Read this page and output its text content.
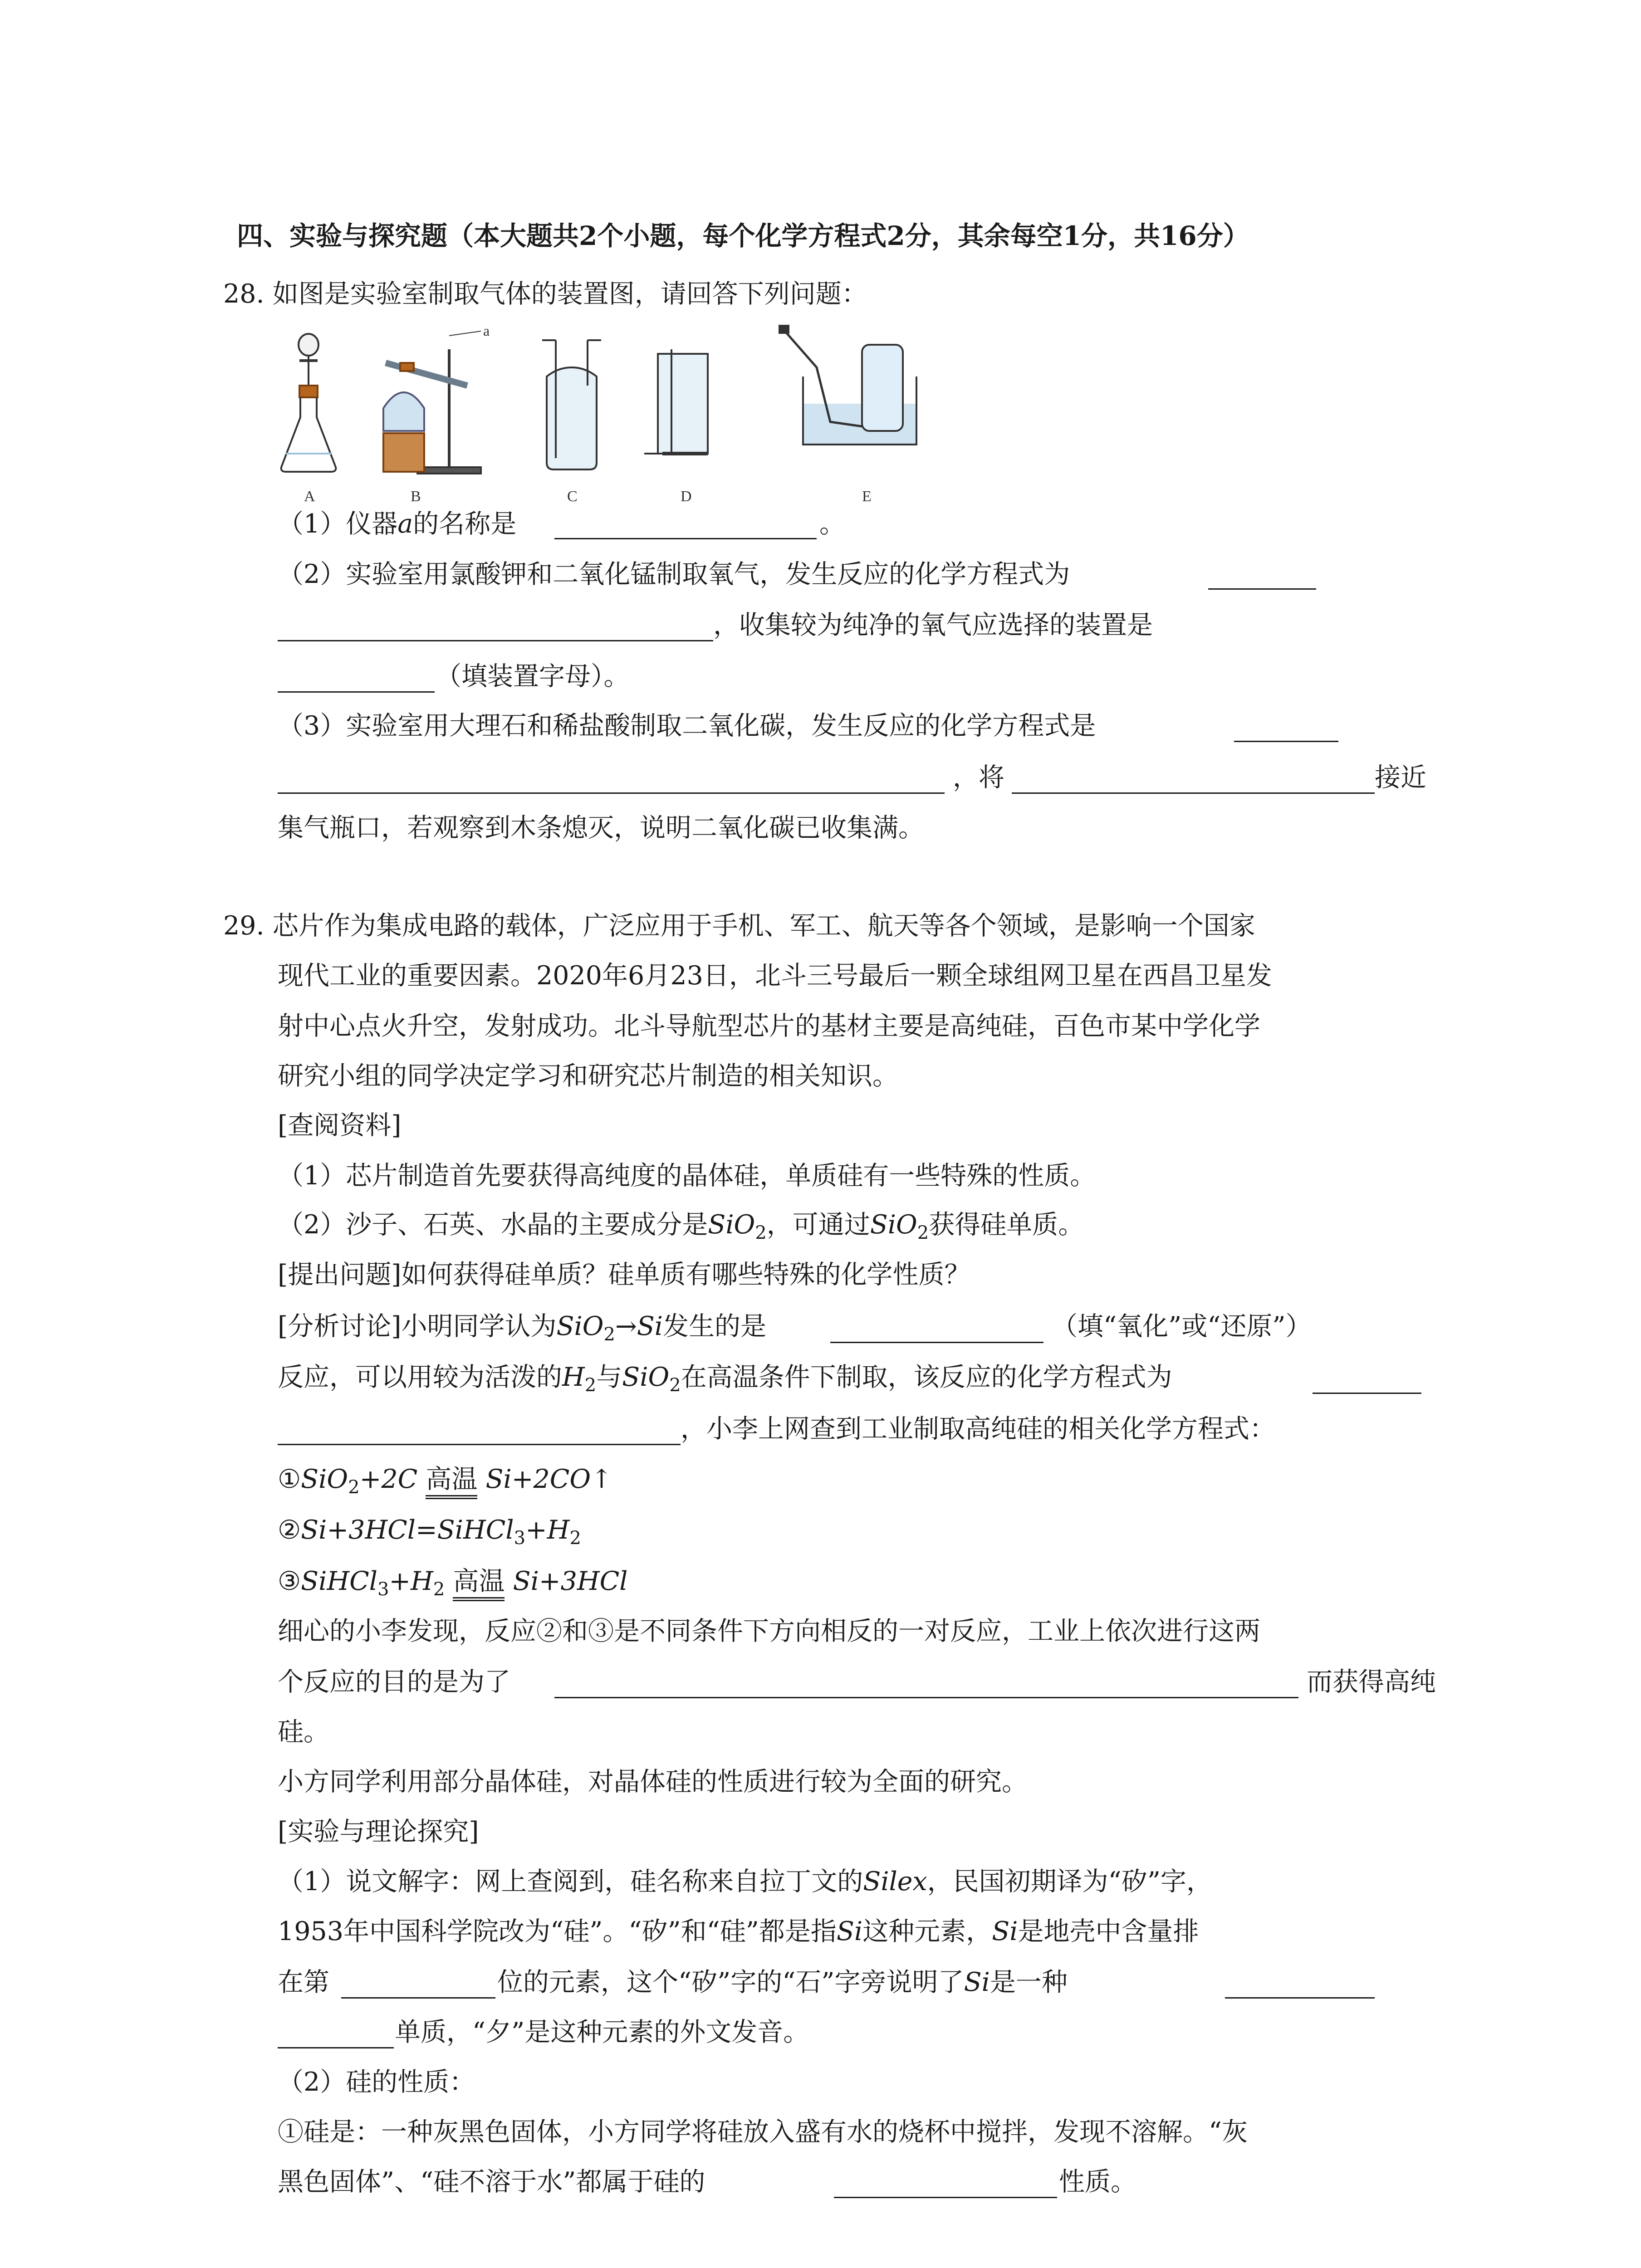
四、实验与探究题（本大题共2个小题，每个化学方程式2分，其余每空1分，共16分）
28. 如图是实验室制取气体的装置图，请回答下列问题：
A	B	C	D	E
a
（1）仪器a的名称是	。
（2）实验室用氯酸钾和二氧化锰制取氧气，发生反应的化学方程式为
，收集较为纯净的氧气应选择的装置是
（填装置字母）。
（3）实验室用大理石和稀盐酸制取二氧化碳，发生反应的化学方程式是
，将	接近
集气瓶口，若观察到木条熄灭，说明二氧化碳已收集满。
29. 芯片作为集成电路的载体，广泛应用于手机、军工、航天等各个领域，是影响一个国家
现代工业的重要因素。2020年6月23日，北斗三号最后一颗全球组网卫星在西昌卫星发
射中心点火升空，发射成功。北斗导航型芯片的基材主要是高纯硅，百色市某中学化学
研究小组的同学决定学习和研究芯片制造的相关知识。
[查阅资料]
（1）芯片制造首先要获得高纯度的晶体硅，单质硅有一些特殊的性质。
（2）沙子、石英、水晶的主要成分是SiO$_2$，可通过SiO$_2$获得硅单质。
[提出问题]如何获得硅单质？硅单质有哪些特殊的化学性质？
[分析讨论]小明同学认为SiO$_2$→Si发生的是	（填“氧化”或“还原”）
反应，可以用较为活泼的$H_2$与SiO$_2$在高温条件下制取，该反应的化学方程式为
，小李上网查到工业制取高纯硅的相关化学方程式：
①SiO$_2$+2C 高温 Si+2CO↑
$②Si+3HCl=SiHCl_3+H_2$
$③SiHCl_3+H_2$ 高温 Si+3HCl
细心的小李发现，反应②和③是不同条件下方向相反的一对反应，工业上依次进行这两
个反应的目的是为了	而获得高纯
硅。
小方同学利用部分晶体硅，对晶体硅的性质进行较为全面的研究。
[实验与理论探究]
（1）说文解字：网上查阅到，硅名称来自拉丁文的Silex，民国初期译为“矽”字，
1953年中国科学院改为“硅”。“矽”和“硅”都是指Si这种元素，Si是地壳中含量排
在第	位的元素，这个“矽”字的“石”字旁说明了Si是一种
单质，“夕”是这种元素的外文发音。
（2）硅的性质：
①硅是：一种灰黑色固体，小方同学将硅放入盛有水的烧杯中搅拌，发现不溶解。“灰
黑色固体”、“硅不溶于水”都属于硅的	性质。
